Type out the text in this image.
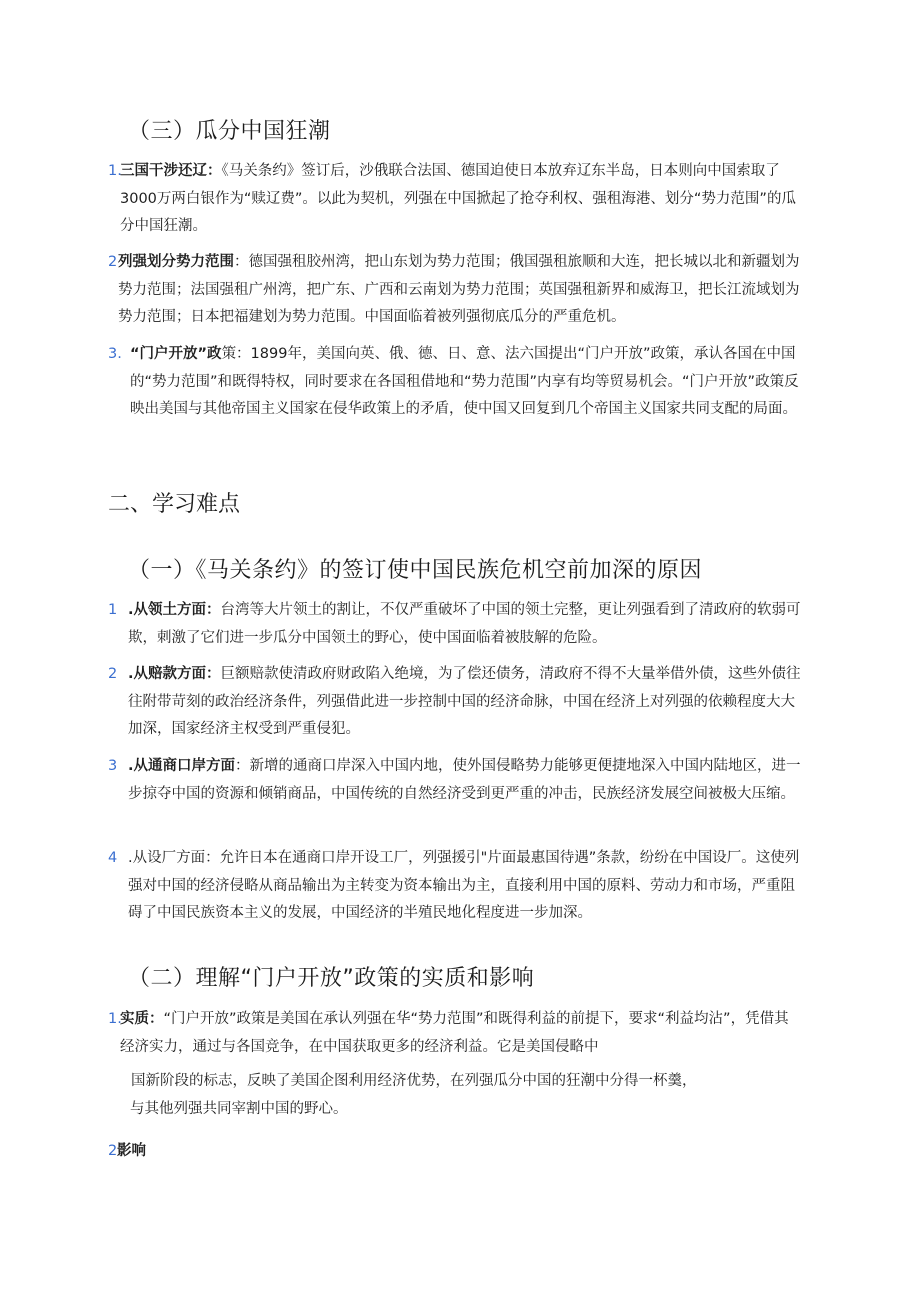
（三）瓜分中国狂潮
1.
三国干涉还辽：《马关条约》签订后，沙俄联合法国、德国迫使日本放弃辽东半岛，日本则向中国索取了3000万两白银作为“赎辽费”。以此为契机，列强在中国掀起了抢夺利权、强租海港、划分“势力范围”的瓜分中国狂潮。
2 列强划分势力范围：德国强租胶州湾，把山东划为势力范围；俄国强租旅顺和大连，把长城以北和新疆划为势力范围；法国强租广州湾，把广东、广西和云南划为势力范围；英国强租新界和威海卫，把长江流域划为势力范围；日本把福建划为势力范围。中国面临着被列强彻底瓜分的严重危机。
3. “门户开放”政策：1899年，美国向英、俄、德、日、意、法六国提出“门户开放”政策，承认各国在中国的“势力范围”和既得特权，同时要求在各国租借地和“势力范围”内享有均等贸易机会。“门户开放”政策反映出美国与其他帝国主义国家在侵华政策上的矛盾，使中国又回复到几个帝国主义国家共同支配的局面。
二、学习难点
（一）《马关条约》的签订使中国民族危机空前加深的原因
1 .从领土方面：台湾等大片领土的割让，不仅严重破坏了中国的领土完整，更让列强看到了清政府的软弱可欺，刺激了它们进一步瓜分中国领土的野心，使中国面临着被肢解的危险。
2 .从赔款方面：巨额赔款使清政府财政陷入绝境，为了偿还债务，清政府不得不大量举借外债，这些外债往往附带苛刻的政治经济条件，列强借此进一步控制中国的经济命脉，中国在经济上对列强的依赖程度大大加深，国家经济主权受到严重侵犯。
3 .从通商口岸方面：新增的通商口岸深入中国内地，使外国侵略势力能够更便捷地深入中国内陆地区，进一步掠夺中国的资源和倾销商品，中国传统的自然经济受到更严重的冲击，民族经济发展空间被极大压缩。
4 .从设厂方面：允许日本在通商口岸开设工厂，列强援引"片面最惠国待遇”条款，纷纷在中国设厂。这使列强对中国的经济侵略从商品输出为主转变为资本输出为主，直接利用中国的原料、劳动力和市场，严重阻碍了中国民族资本主义的发展，中国经济的半殖民地化程度进一步加深。
（二）理解“门户开放”政策的实质和影响
1.
实质：“门户开放”政策是美国在承认列强在华“势力范围”和既得利益的前提下，要求“利益均沾”，凭借其经济实力，通过与各国竞争，在中国获取更多的经济利益。它是美国侵略中
国新阶段的标志，反映了美国企图利用经济优势，在列强瓜分中国的狂潮中分得一杯羹，
与其他列强共同宰割中国的野心。
2 影响
